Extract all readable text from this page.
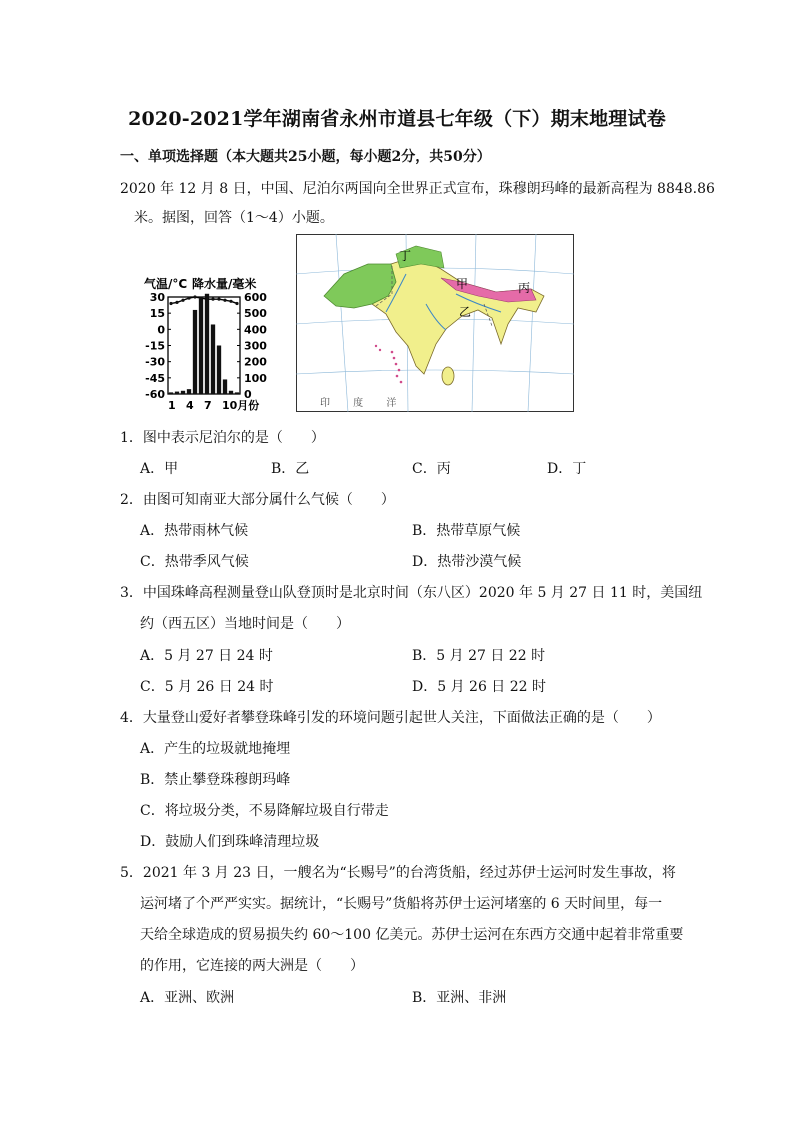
2020-2021学年湖南省永州市道县七年级（下）期末地理试卷
一、单项选择题（本大题共25小题，每小题2分，共50分）
2020 年 12 月 8 日，中国、尼泊尔两国向全世界正式宣布，珠穆朗玛峰的最新高程为 8848.86
米。据图，回答（1～4）小题。
气温/°C 降水量/毫米
30
15
0
-15
-30
-45
-60
600
500
400
300
200
100
0
1 4 7 10月份
丁
甲	丙
乙
印 度 洋
1．图中表示尼泊尔的是（　　）
A．甲	B．乙	C．丙	D．丁
2．由图可知南亚大部分属什么气候（　　）
A．热带雨林气候	B．热带草原气候
C．热带季风气候	D．热带沙漠气候
3．中国珠峰高程测量登山队登顶时是北京时间（东八区）2020 年 5 月 27 日 11 时，美国纽
约（西五区）当地时间是（　　）
A．5 月 27 日 24 时	B．5 月 27 日 22 时
C．5 月 26 日 24 时	D．5 月 26 日 22 时
4．大量登山爱好者攀登珠峰引发的环境问题引起世人关注，下面做法正确的是（　　）
A．产生的垃圾就地掩埋
B．禁止攀登珠穆朗玛峰
C．将垃圾分类，不易降解垃圾自行带走
D．鼓励人们到珠峰清理垃圾
5．2021 年 3 月 23 日，一艘名为“长赐号”的台湾货船，经过苏伊士运河时发生事故，将
运河堵了个严严实实。据统计，“长赐号”货船将苏伊士运河堵塞的 6 天时间里，每一
天给全球造成的贸易损失约 60～100 亿美元。苏伊士运河在东西方交通中起着非常重要
的作用，它连接的两大洲是（　　）
A．亚洲、欧洲	B．亚洲、非洲
